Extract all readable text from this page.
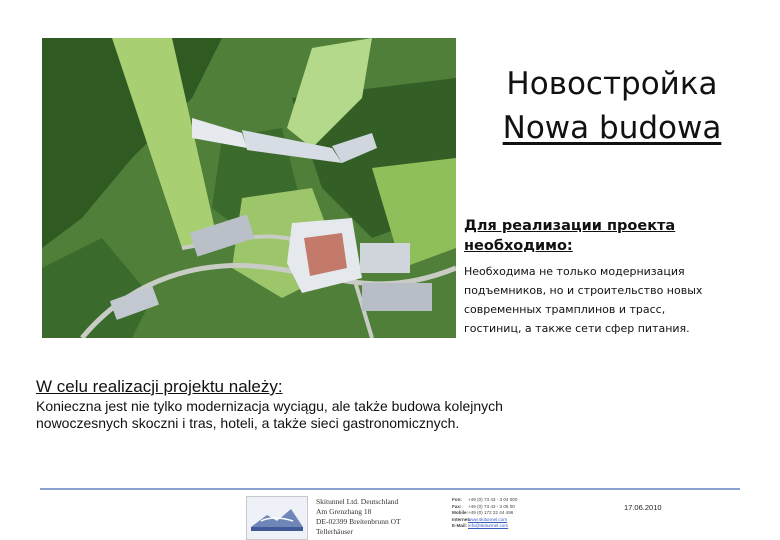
Новостройка
Nowa budowa
Для реализации проекта
необходимо:
Необходима не только модернизация
подъемников, но и строительство новых
современных трамплинов и трасс,
гостиниц, а также сети сфер питания.
W celu realizacji projektu należy:
Konieczna jest nie tylko modernizacja wyciągu, ale także budowa kolejnych
nowoczesnych skoczni i tras, hoteli, a także sieci gastronomicznych.
Skitunnel Ltd. Deutschland
Am Grenzhang 18
DE-02399 Breitenbrunn OT
Tellerhäuser
Fon: +49 (0) 73 43 - 3 04 000
Fax: +49 (0) 73 43 - 3 05 00
Mobile:+49 (0) 172 32 44 496
Internet:www.skitunnel.com
E-Mail:info@skitunnel.com
17.06.2010
